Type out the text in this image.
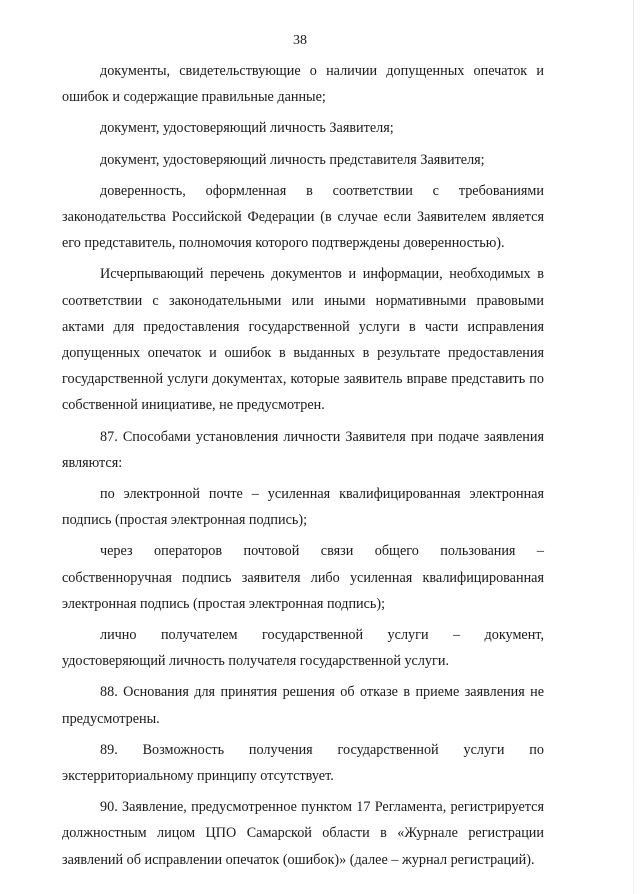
38

документы, свидетельствующие о наличии допущенных опечаток и ошибок и содержащие правильные данные;

документ, удостоверяющий личность Заявителя;

документ, удостоверяющий личность представителя Заявителя;

доверенность, оформленная в соответствии с требованиями законодательства Российской Федерации (в случае если Заявителем является его представитель, полномочия которого подтверждены доверенностью).

Исчерпывающий перечень документов и информации, необходимых в соответствии с законодательными или иными нормативными правовыми актами для предоставления государственной услуги в части исправления допущенных опечаток и ошибок в выданных в результате предоставления государственной услуги документах, которые заявитель вправе представить по собственной инициативе, не предусмотрен.

87. Способами установления личности Заявителя при подаче заявления являются:

по электронной почте – усиленная квалифицированная электронная подпись (простая электронная подпись);

через операторов почтовой связи общего пользования – собственноручная подпись заявителя либо усиленная квалифицированная электронная подпись (простая электронная подпись);

лично получателем государственной услуги – документ, удостоверяющий личность получателя государственной услуги.

88. Основания для принятия решения об отказе в приеме заявления не предусмотрены.

89. Возможность получения государственной услуги по экстерриториальному принципу отсутствует.

90. Заявление, предусмотренное пунктом 17 Регламента, регистрируется должностным лицом ЦПО Самарской области в «Журнале регистрации заявлений об исправлении опечаток (ошибок)» (далее – журнал регистраций).
